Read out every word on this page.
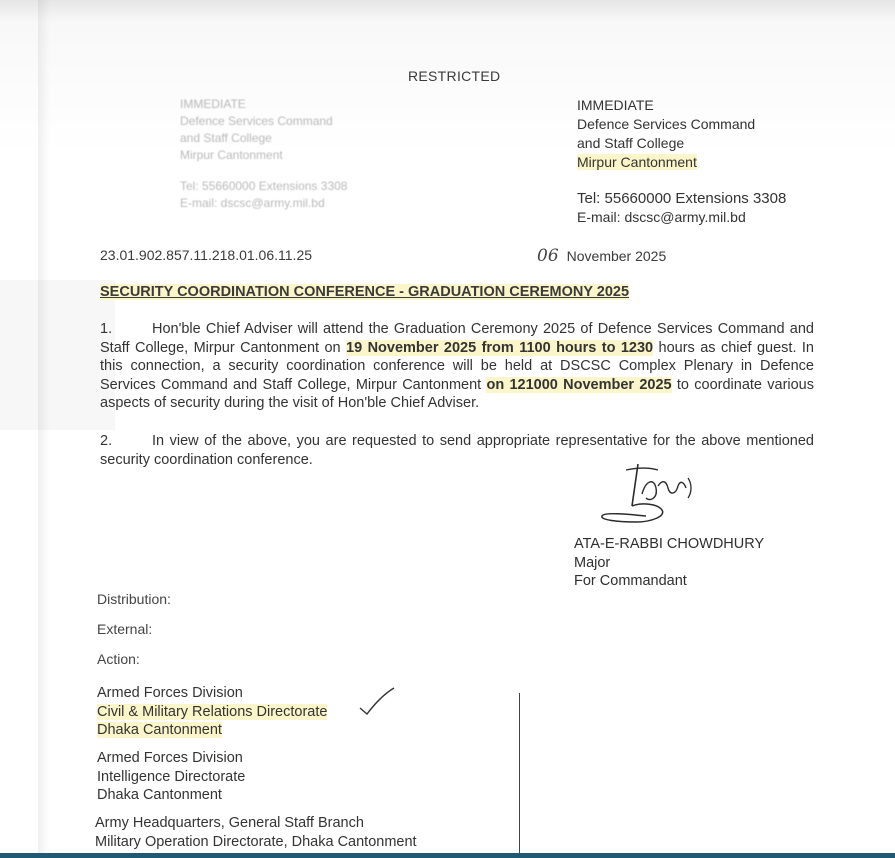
RESTRICTED
IMMEDIATE
Defence Services Command
and Staff College
Mirpur Cantonment
Tel: 55660000 Extensions 3308
E-mail: dscsc@army.mil.bd
IMMEDIATE
Defence Services Command
and Staff College
Mirpur Cantonment
Tel: 55660000 Extensions 3308
E-mail: dscsc@army.mil.bd
23.01.902.857.11.218.01.06.11.25	06 November 2025
SECURITY COORDINATION CONFERENCE - GRADUATION CEREMONY 2025
1.	Hon'ble Chief Adviser will attend the Graduation Ceremony 2025 of Defence Services Command and Staff College, Mirpur Cantonment on 19 November 2025 from 1100 hours to 1230 hours as chief guest. In this connection, a security coordination conference will be held at DSCSC Complex Plenary in Defence Services Command and Staff College, Mirpur Cantonment on 121000 November 2025 to coordinate various aspects of security during the visit of Hon'ble Chief Adviser.
2.	In view of the above, you are requested to send appropriate representative for the above mentioned security coordination conference.
ATA-E-RABBI CHOWDHURY
Major
For Commandant
Distribution:
External:
Action:
Armed Forces Division
Civil & Military Relations Directorate
Dhaka Cantonment
Armed Forces Division
Intelligence Directorate
Dhaka Cantonment
Army Headquarters, General Staff Branch
Military Operation Directorate, Dhaka Cantonment
